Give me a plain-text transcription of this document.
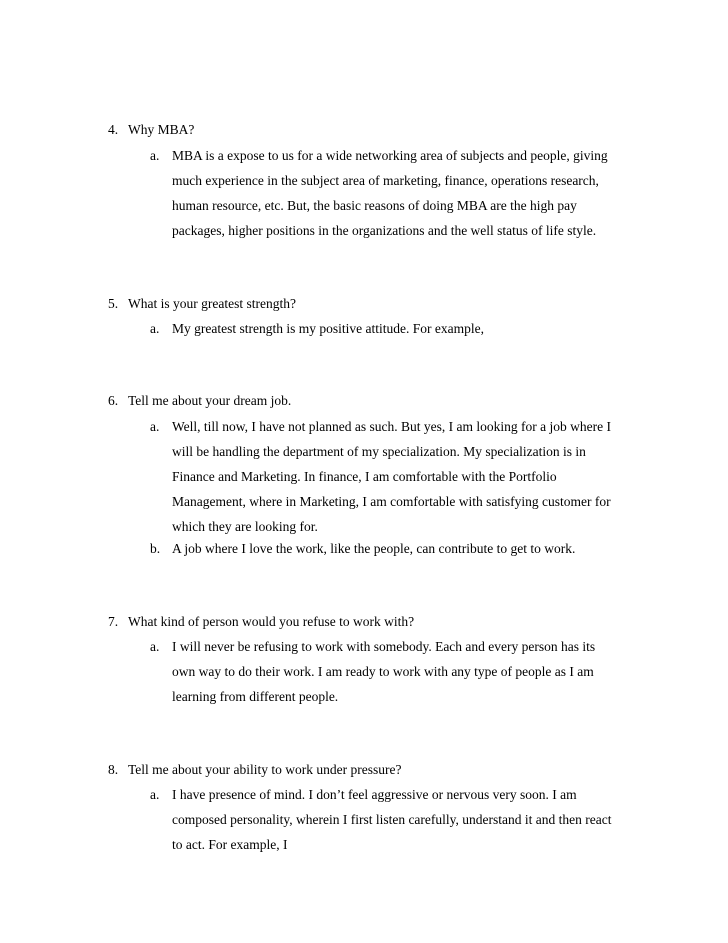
4. Why MBA?
a. MBA is a expose to us for a wide networking area of subjects and people, giving
much experience in the subject area of marketing, finance, operations research,
human resource, etc. But, the basic reasons of doing MBA are the high pay
packages, higher positions in the organizations and the well status of life style.
5. What is your greatest strength?
a. My greatest strength is my positive attitude. For example,
6. Tell me about your dream job.
a. Well, till now, I have not planned as such. But yes, I am looking for a job where I
will be handling the department of my specialization. My specialization is in
Finance and Marketing. In finance, I am comfortable with the Portfolio
Management, where in Marketing, I am comfortable with satisfying customer for
which they are looking for.
b. A job where I love the work, like the people, can contribute to get to work.
7. What kind of person would you refuse to work with?
a. I will never be refusing to work with somebody. Each and every person has its
own way to do their work. I am ready to work with any type of people as I am
learning from different people.
8. Tell me about your ability to work under pressure?
a. I have presence of mind. I don’t feel aggressive or nervous very soon. I am
composed personality, wherein I first listen carefully, understand it and then react
to act. For example, I
